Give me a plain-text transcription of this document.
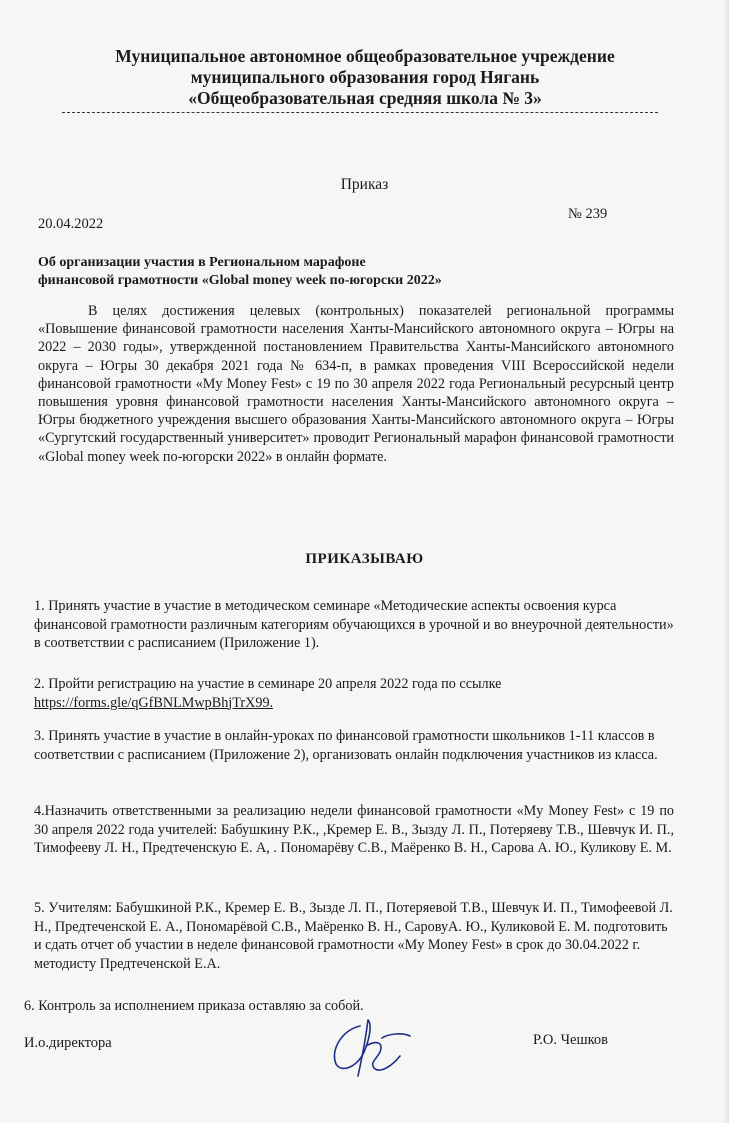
Муниципальное автономное общеобразовательное учреждение
муниципального образования город Нягань
«Общеобразовательная средняя школа № 3»
Приказ
20.04.2022
№ 239
Об организации участия в Региональном марафоне
финансовой грамотности «Global money week по-югорски 2022»
В целях достижения целевых (контрольных) показателей региональной программы «Повышение финансовой грамотности населения Ханты-Мансийского автономного округа – Югры на 2022 – 2030 годы», утвержденной постановлением Правительства Ханты-Мансийского автономного округа – Югры 30 декабря 2021 года № 634-п, в рамках проведения VIII Всероссийской недели финансовой грамотности «My Money Fest» с 19 по 30 апреля 2022 года Региональный ресурсный центр повышения уровня финансовой грамотности населения Ханты-Мансийского автономного округа – Югры бюджетного учреждения высшего образования Ханты-Мансийского автономного округа – Югры «Сургутский государственный университет» проводит Региональный марафон финансовой грамотности «Global money week по-югорски 2022» в онлайн формате.
ПРИКАЗЫВАЮ
1. Принять участие в участие в методическом семинаре «Методические аспекты освоения курса финансовой грамотности различным категориям обучающихся в урочной и во внеурочной деятельности» в соответствии с расписанием (Приложение 1).
2. Пройти регистрацию на участие в семинаре 20 апреля 2022 года по ссылке
https://forms.gle/qGfBNLMwpBhjTrX99.
3. Принять участие в участие в онлайн-уроках по финансовой грамотности школьников 1-11 классов в соответствии с расписанием (Приложение 2), организовать онлайн подключения участников из класса.
4.Назначить ответственными за реализацию недели финансовой грамотности «My Money Fest» с 19 по 30 апреля 2022 года учителей: Бабушкину Р.К., ,Кремер Е. В., Зызду Л. П., Потеряеву Т.В., Шевчук И. П., Тимофееву Л. Н., Предтеченскую Е. А, . Пономарёву С.В., Маёренко В. Н., Сарова А. Ю., Куликову Е. М.
5. Учителям: Бабушкиной Р.К., Кремер Е. В., Зызде Л. П., Потеряевой Т.В., Шевчук И. П., Тимофеевой Л. Н., Предтеченской Е. А., Пономарёвой С.В., Маёренко В. Н., СаровуА. Ю., Куликовой Е. М. подготовить и сдать отчет об участии в неделе финансовой грамотности «My Money Fest» в срок до 30.04.2022 г. методисту Предтеченской Е.А.
6. Контроль за исполнением приказа оставляю за собой.
И.о.директора	Р.О. Чешков
